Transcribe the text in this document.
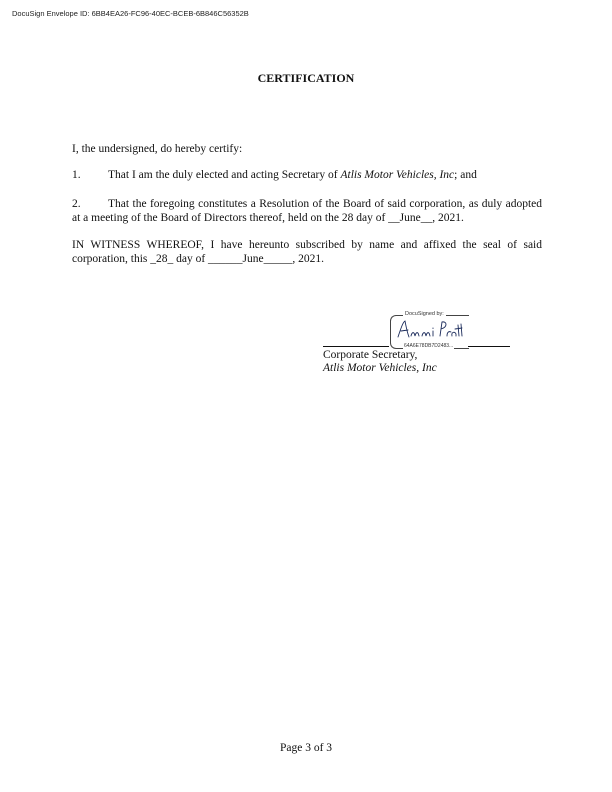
DocuSign Envelope ID: 6BB4EA26-FC96-40EC-BCEB-6B846C56352B
CERTIFICATION
I, the undersigned, do hereby certify:
1. That I am the duly elected and acting Secretary of Atlis Motor Vehicles, Inc; and
2. That the foregoing constitutes a Resolution of the Board of said corporation, as duly adopted at a meeting of the Board of Directors thereof, held on the 28 day of __June__, 2021.
IN WITNESS WHEREOF, I have hereunto subscribed by name and affixed the seal of said corporation, this _28_ day of ______June_____, 2021.
DocuSigned by:
64A6E78DB7D2483...
Corporate Secretary,
Atlis Motor Vehicles, Inc
Page 3 of 3
